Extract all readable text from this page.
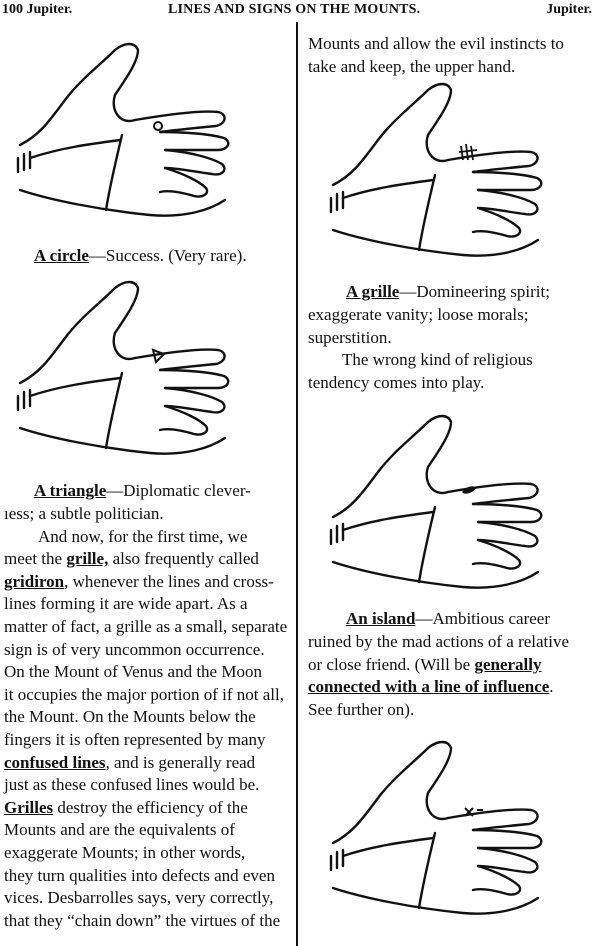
100 Jupiter.	LINES AND SIGNS ON THE MOUNTS.	Jupiter.
A circle—Success. (Very rare).
A triangle—Diplomatic clever-
ıess; a subtle politician.
And now, for the first time, we
meet the grille, also frequently called
gridiron, whenever the lines and cross-
lines forming it are wide apart. As a
matter of fact, a grille as a small, separate
sign is of very uncommon occurrence.
On the Mount of Venus and the Moon
it occupies the major portion of if not all,
the Mount. On the Mounts below the
fingers it is often represented by many
confused lines, and is generally read
just as these confused lines would be.
Grilles destroy the efficiency of the
Mounts and are the equivalents of
exaggerate Mounts; in other words,
they turn qualities into defects and even
vices. Desbarrolles says, very correctly,
that they “chain down” the virtues of the
Mounts and allow the evil instincts to
take and keep, the upper hand.
A grille—Domineering spirit;
exaggerate vanity; loose morals;
superstition.
The wrong kind of religious
tendency comes into play.
An island—Ambitious career
ruined by the mad actions of a relative
or close friend. (Will be generally
connected with a line of influence.
See further on).
